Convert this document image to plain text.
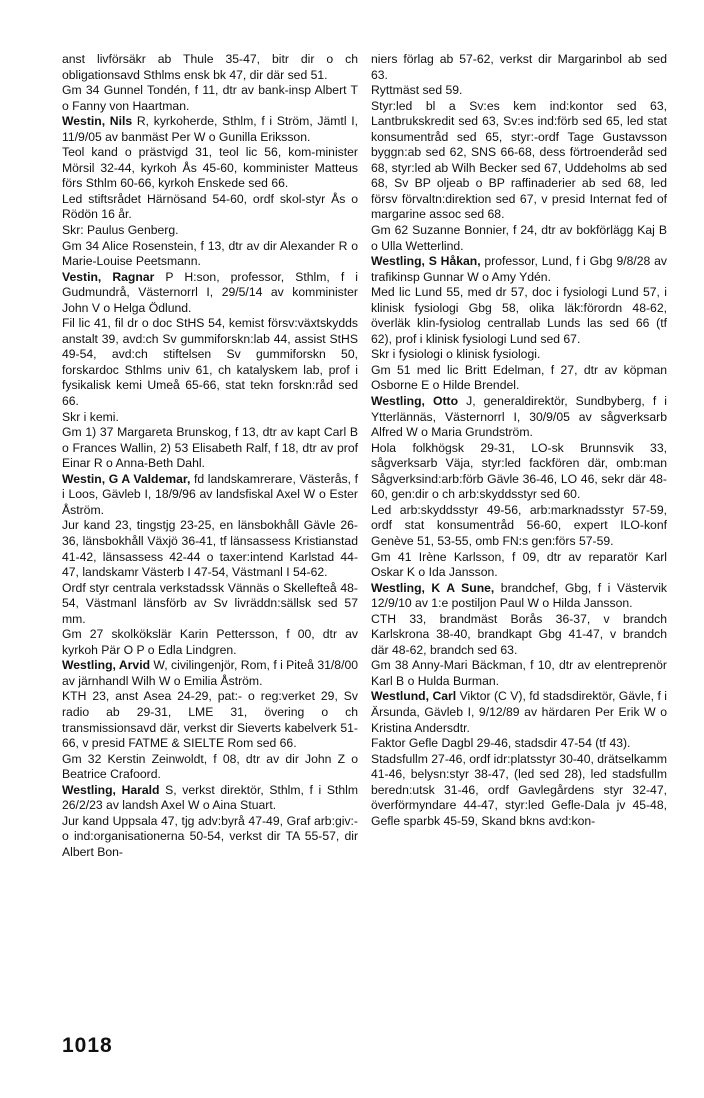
anst livförsäkr ab Thule 35-47, bitr dir o ch obligationsavd Sthlms ensk bk 47, dir där sed 51.

Gm 34 Gunnel Tondén, f 11, dtr av bank-insp Albert T o Fanny von Haartman.

Westin, Nils R, kyrkoherde, Sthlm, f i Ström, Jämtl I, 11/9/05 av banmäst Per W o Gunilla Eriksson.

Teol kand o prästvigd 31, teol lic 56, kom-minister Mörsil 32-44, kyrkoh Ås 45-60, komminister Matteus förs Sthlm 60-66, kyrkoh Enskede sed 66.

Led stiftsrådet Härnösand 54-60, ordf skol-styr Ås o Rödön 16 år.

Skr: Paulus Genberg.

Gm 34 Alice Rosenstein, f 13, dtr av dir Alexander R o Marie-Louise Peetsmann.

Vestin, Ragnar P H:son, professor, Sthlm, f i Gudmundrå, Västernorrl I, 29/5/14 av komminister John V o Helga Ödlund.

Fil lic 41, fil dr o doc StHS 54, kemist försv:växtskydds anstalt 39, avd:ch Sv gummiforskn:lab 44, assist StHS 49-54, avd:ch stiftelsen Sv gummiforskn 50, forskardoc Sthlms univ 61, ch katalyskem lab, prof i fysikalisk kemi Umeå 65-66, stat tekn forskn:råd sed 66.

Skr i kemi.

Gm 1) 37 Margareta Brunskog, f 13, dtr av kapt Carl B o Frances Wallin, 2) 53 Elisabeth Ralf, f 18, dtr av prof Einar R o Anna-Beth Dahl.

Westin, G A Valdemar, fd landskamrerare, Västerås, f i Loos, Gävleb I, 18/9/96 av landsfiskal Axel W o Ester Åström.

Jur kand 23, tingstjg 23-25, en länsbokhåll Gävle 26-36, länsbokhåll Växjö 36-41, tf länsassess Kristianstad 41-42, länsassess 42-44 o taxer:intend Karlstad 44-47, landskamr Västerb I 47-54, Västmanl I 54-62.

Ordf styr centrala verkstadssk Vännäs o Skellefteå 48-54, Västmanl länsförb av Sv livräddn:sällsk sed 57 mm.

Gm 27 skolkökslär Karin Pettersson, f 00, dtr av kyrkoh Pär O P o Edla Lindgren.

Westling, Arvid W, civilingenjör, Rom, f i Piteå 31/8/00 av järnhandl Wilh W o Emilia Åström.

KTH 23, anst Asea 24-29, pat:- o reg:verket 29, Sv radio ab 29-31, LME 31, övering o ch transmissionsavd där, verkst dir Sieverts kabelverk 51-66, v presid FATME & SIELTE Rom sed 66.

Gm 32 Kerstin Zeinwoldt, f 08, dtr av dir John Z o Beatrice Crafoord.

Westling, Harald S, verkst direktör, Sthlm, f i Sthlm 26/2/23 av landsh Axel W o Aina Stuart.

Jur kand Uppsala 47, tjg adv:byrå 47-49, Graf arb:giv:- o ind:organisationerna 50-54, verkst dir TA 55-57, dir Albert Bon-

niers förlag ab 57-62, verkst dir Margarinbol ab sed 63.

Ryttmäst sed 59.

Styr:led bl a Sv:es kem ind:kontor sed 63, Lantbrukskredit sed 63, Sv:es ind:förb sed 65, led stat konsumentråd sed 65, styr:-ordf Tage Gustavsson byggn:ab sed 62, SNS 66-68, dess förtroenderåd sed 68, styr:led ab Wilh Becker sed 67, Uddeholms ab sed 68, Sv BP oljeab o BP raffinaderier ab sed 68, led försv förvaltn:direktion sed 67, v presid Internat fed of margarine assoc sed 68.

Gm 62 Suzanne Bonnier, f 24, dtr av bokförlägg Kaj B o Ulla Wetterlind.

Westling, S Håkan, professor, Lund, f i Gbg 9/8/28 av trafikinsp Gunnar W o Amy Ydén.

Med lic Lund 55, med dr 57, doc i fysiologi Lund 57, i klinisk fysiologi Gbg 58, olika läk:förordn 48-62, överläk klin-fysiolog centrallab Lunds las sed 66 (tf 62), prof i klinisk fysiologi Lund sed 67.

Skr i fysiologi o klinisk fysiologi.

Gm 51 med lic Britt Edelman, f 27, dtr av köpman Osborne E o Hilde Brendel.

Westling, Otto J, generaldirektör, Sundbyberg, f i Ytterlännäs, Västernorrl I, 30/9/05 av sågverksarb Alfred W o Maria Grundström.

Hola folkhögsk 29-31, LO-sk Brunnsvik 33, sågverksarb Väja, styr:led fackfören där, omb:man Sågverksind:arb:förb Gävle 36-46, LO 46, sekr där 48-60, gen:dir o ch arb:skyddsstyr sed 60.

Led arb:skyddsstyr 49-56, arb:marknadsstyr 57-59, ordf stat konsumentråd 56-60, expert ILO-konf Genève 51, 53-55, omb FN:s gen:förs 57-59.

Gm 41 Irène Karlsson, f 09, dtr av reparatör Karl Oskar K o Ida Jansson.

Westling, K A Sune, brandchef, Gbg, f i Västervik 12/9/10 av 1:e postiljon Paul W o Hilda Jansson.

CTH 33, brandmäst Borås 36-37, v brandch Karlskrona 38-40, brandkapt Gbg 41-47, v brandch där 48-62, brandch sed 63.

Gm 38 Anny-Mari Bäckman, f 10, dtr av elentreprenör Karl B o Hulda Burman.

Westlund, Carl Viktor (C V), fd stadsdirektör, Gävle, f i Ärsunda, Gävleb I, 9/12/89 av härdaren Per Erik W o Kristina Andersdtr.

Faktor Gefle Dagbl 29-46, stadsdir 47-54 (tf 43).

Stadsfullm 27-46, ordf idr:platsstyr 30-40, drätselkamm 41-46, belysn:styr 38-47, (led sed 28), led stadsfullm beredn:utsk 31-46, ordf Gavlegårdens styr 32-47, överförmyndare 44-47, styr:led Gefle-Dala jv 45-48, Gefle sparbk 45-59, Skand bkns avd:kon-

1018
